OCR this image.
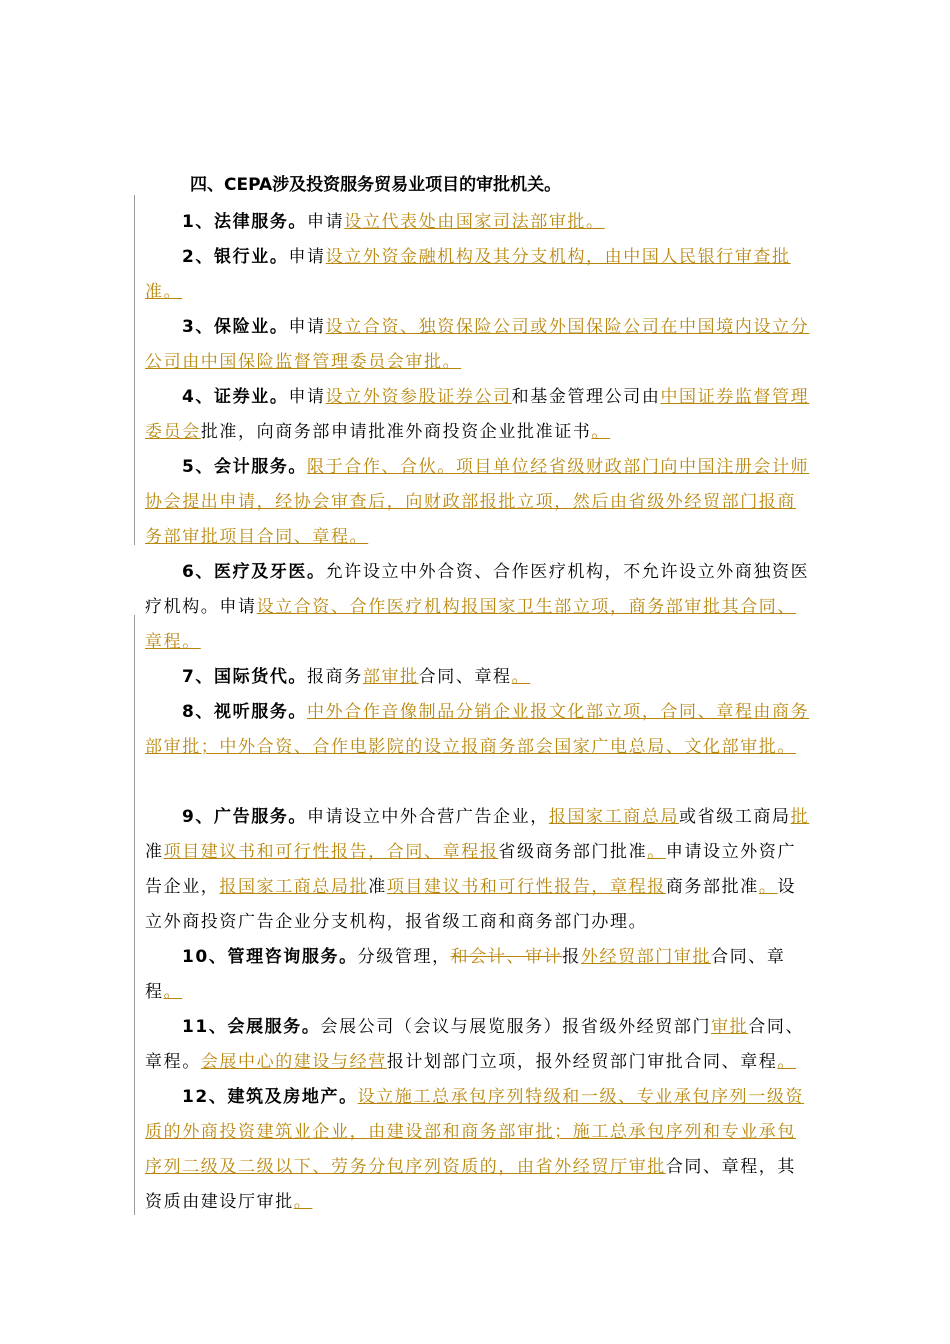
四、CEPA涉及投资服务贸易业项目的审批机关。
1、法律服务。申请设立代表处由国家司法部审批。
2、银行业。申请设立外资金融机构及其分支机构，由中国人民银行审查批准。
3、保险业。申请设立合资、独资保险公司或外国保险公司在中国境内设立分公司由中国保险监督管理委员会审批。
4、证券业。申请设立外资参股证券公司和基金管理公司由中国证券监督管理委员会批准，向商务部申请批准外商投资企业批准证书。
5、会计服务。限于合作、合伙。项目单位经省级财政部门向中国注册会计师协会提出申请，经协会审查后，向财政部报批立项，然后由省级外经贸部门报商务部审批项目合同、章程。
6、医疗及牙医。允许设立中外合资、合作医疗机构，不允许设立外商独资医疗机构。申请设立合资、合作医疗机构报国家卫生部立项，商务部审批其合同、章程。
7、国际货代。报商务部审批合同、章程。
8、视听服务。中外合作音像制品分销企业报文化部立项，合同、章程由商务部审批；中外合资、合作电影院的设立报商务部会国家广电总局、文化部审批。
9、广告服务。申请设立中外合营广告企业，报国家工商总局或省级工商局批准项目建议书和可行性报告，合同、章程报省级商务部门批准。申请设立外资广告企业，报国家工商总局批准项目建议书和可行性报告，章程报商务部批准。设立外商投资广告企业分支机构，报省级工商和商务部门办理。
10、管理咨询服务。分级管理，和会计、审计报外经贸部门审批合同、章程。
11、会展服务。会展公司（会议与展览服务）报省级外经贸部门审批合同、章程。会展中心的建设与经营报计划部门立项，报外经贸部门审批合同、章程。
12、建筑及房地产。设立施工总承包序列特级和一级、专业承包序列一级资质的外商投资建筑业企业，由建设部和商务部审批；施工总承包序列和专业承包序列二级及二级以下、劳务分包序列资质的，由省外经贸厅审批合同、章程，其资质由建设厅审批。
